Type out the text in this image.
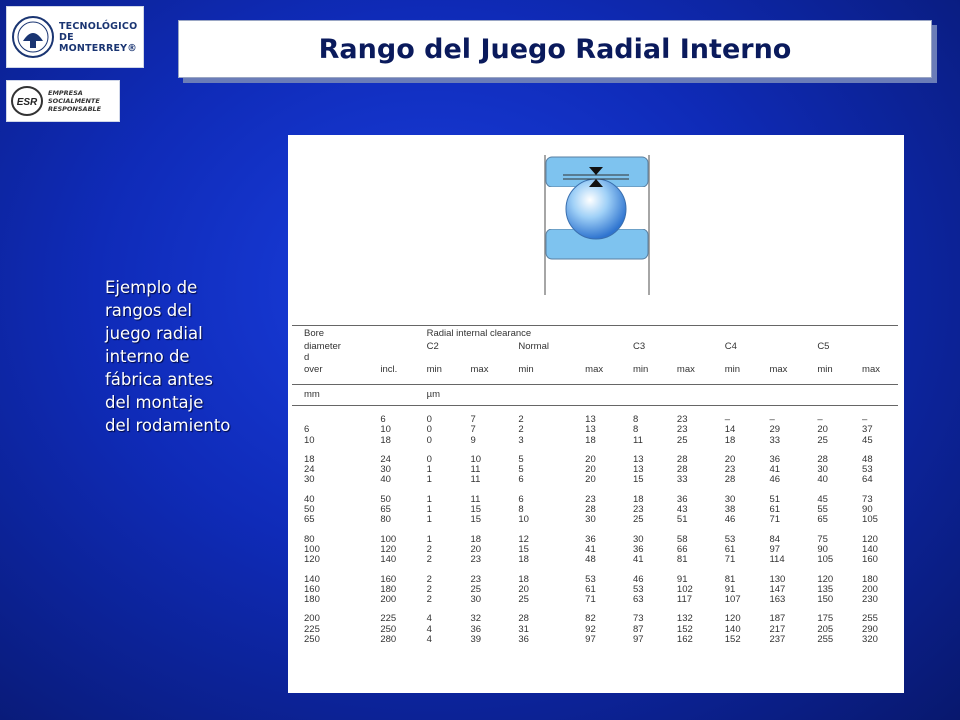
TECNOLÓGICO
DE MONTERREY®
ESR
EMPRESA
SOCIALMENTE
RESPONSABLE
Rango del Juego Radial Interno
Ejemplo de
rangos del
juego radial
interno de
fábrica antes
del montaje
del rodamiento

Bore		Radial internal clearance									
diameter		C2		Normal		C3		C4		C5	
d
over	incl.	min	max	min	max	min	max	min	max	min	max
mm		µm									
	6	0	7	2	13	8	23	–	–	–	–
6	10	0	7	2	13	8	23	14	29	20	37
10	18	0	9	3	18	11	25	18	33	25	45
18	24	0	10	5	20	13	28	20	36	28	48
24	30	1	11	5	20	13	28	23	41	30	53
30	40	1	11	6	20	15	33	28	46	40	64
40	50	1	11	6	23	18	36	30	51	45	73
50	65	1	15	8	28	23	43	38	61	55	90
65	80	1	15	10	30	25	51	46	71	65	105
80	100	1	18	12	36	30	58	53	84	75	120
100	120	2	20	15	41	36	66	61	97	90	140
120	140	2	23	18	48	41	81	71	114	105	160
140	160	2	23	18	53	46	91	81	130	120	180
160	180	2	25	20	61	53	102	91	147	135	200
180	200	2	30	25	71	63	117	107	163	150	230
200	225	4	32	28	82	73	132	120	187	175	255
225	250	4	36	31	92	87	152	140	217	205	290
250	280	4	39	36	97	97	162	152	237	255	320
